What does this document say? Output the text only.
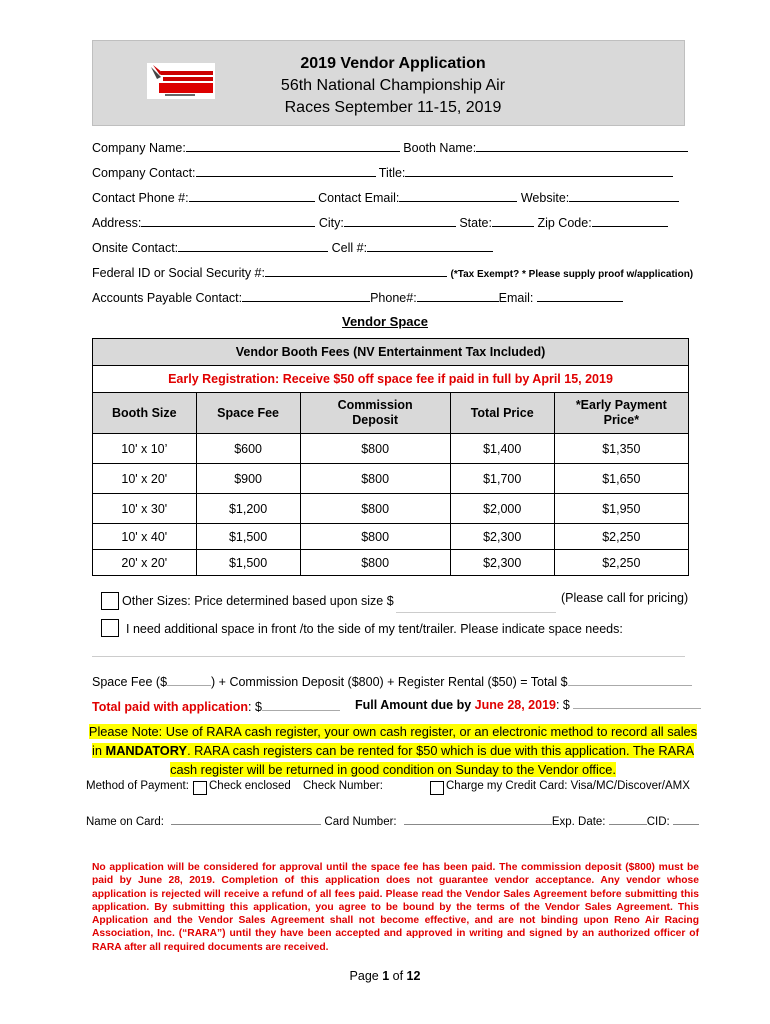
2019 Vendor Application
56th National Championship Air
Races September 11-15, 2019
Company Name:	Booth Name:
Company Contact:	Title:
Contact Phone #:	Contact Email:	Website:
Address:	City:	State:	Zip Code:
Onsite Contact:	Cell #:
Federal ID or Social Security #:	(*Tax Exempt? * Please supply proof w/application)
Accounts Payable Contact:	Phone#:	Email:
Vendor Space
Vendor Booth Fees (NV Entertainment Tax Included)				
Early Registration: Receive $50 off space fee if paid in full by April 15, 2019				
Booth Size	Space Fee	Commission Deposit	Total Price	*Early Payment Price*
10' x 10’	$600	$800	$1,400	$1,350
10' x 20'	$900	$800	$1,700	$1,650
10' x 30'	$1,200	$800	$2,000	$1,950
10' x 40'	$1,500	$800	$2,300	$2,250
20' x 20'	$1,500	$800	$2,300	$2,250

Other Sizes: Price determined based upon size $	(Please call for pricing)
I need additional space in front /to the side of my tent/trailer. Please indicate space needs:
Space Fee ($	) + Commission Deposit ($800) + Register Rental ($50) = Total $
Total paid with application: $	Full Amount due by June 28, 2019: $
Please Note: Use of RARA cash register, your own cash register, or an electronic method to record all sales
in MANDATORY. RARA cash registers can be rented for $50 which is due with this application. The RARA
cash register will be returned in good condition on Sunday to the Vendor office.
Method of Payment: Check enclosed Check Number:	Charge my Credit Card: Visa/MC/Discover/AMX
Name on Card:	Card Number:	Exp. Date:	CID:
No application will be considered for approval until the space fee has been paid. The commission deposit ($800) must be paid by June 28, 2019. Completion of this application does not guarantee vendor acceptance. Any vendor whose application is rejected will receive a refund of all fees paid. Please read the Vendor Sales Agreement before submitting this application. By submitting this application, you agree to be bound by the terms of the Vendor Sales Agreement. This Application and the Vendor Sales Agreement shall not become effective, and are not binding upon Reno Air Racing Association, Inc. (“RARA”) until they have been accepted and approved in writing and signed by an authorized officer of RARA after all required documents are received.
Page 1 of 12
